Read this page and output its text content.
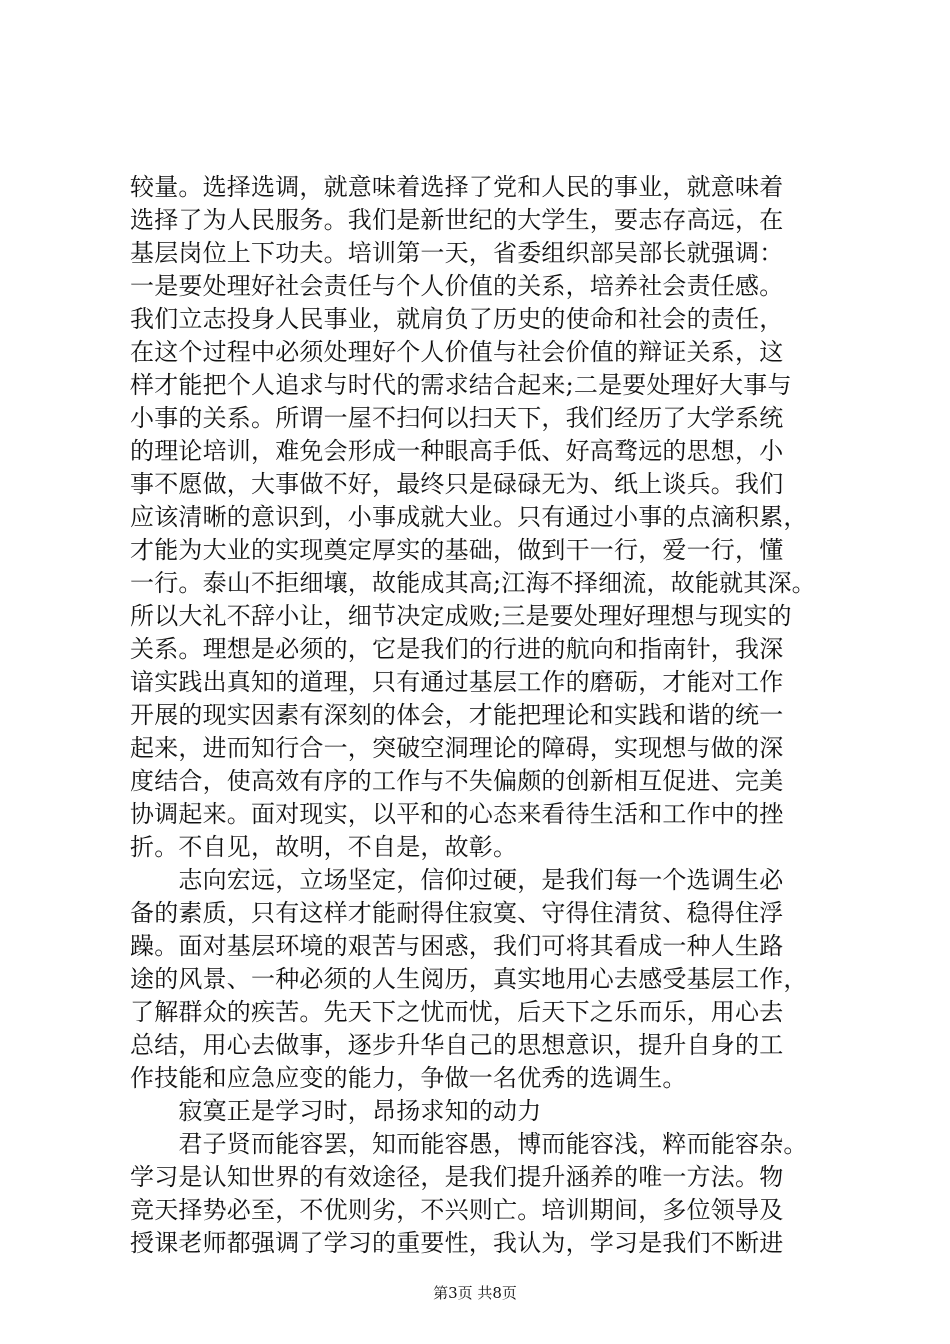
较量。选择选调，就意味着选择了党和人民的事业，就意味着
选择了为人民服务。我们是新世纪的大学生，要志存高远，在
基层岗位上下功夫。培训第一天，省委组织部吴部长就强调：
一是要处理好社会责任与个人价值的关系，培养社会责任感。
我们立志投身人民事业，就肩负了历史的使命和社会的责任，
在这个过程中必须处理好个人价值与社会价值的辩证关系，这
样才能把个人追求与时代的需求结合起来;二是要处理好大事与
小事的关系。所谓一屋不扫何以扫天下，我们经历了大学系统
的理论培训，难免会形成一种眼高手低、好高骛远的思想，小
事不愿做，大事做不好，最终只是碌碌无为、纸上谈兵。我们
应该清晰的意识到，小事成就大业。只有通过小事的点滴积累，
才能为大业的实现奠定厚实的基础，做到干一行，爱一行，懂
一行。泰山不拒细壤，故能成其高;江海不择细流，故能就其深。
所以大礼不辞小让，细节决定成败;三是要处理好理想与现实的
关系。理想是必须的，它是我们的行进的航向和指南针，我深
谙实践出真知的道理，只有通过基层工作的磨砺，才能对工作
开展的现实因素有深刻的体会，才能把理论和实践和谐的统一
起来，进而知行合一，突破空洞理论的障碍，实现想与做的深
度结合，使高效有序的工作与不失偏颇的创新相互促进、完美
协调起来。面对现实，以平和的心态来看待生活和工作中的挫
折。不自见，故明，不自是，故彰。
　　志向宏远，立场坚定，信仰过硬，是我们每一个选调生必
备的素质，只有这样才能耐得住寂寞、守得住清贫、稳得住浮
躁。面对基层环境的艰苦与困惑，我们可将其看成一种人生路
途的风景、一种必须的人生阅历，真实地用心去感受基层工作，
了解群众的疾苦。先天下之忧而忧，后天下之乐而乐，用心去
总结，用心去做事，逐步升华自己的思想意识，提升自身的工
作技能和应急应变的能力，争做一名优秀的选调生。
　　寂寞正是学习时，昂扬求知的动力
　　君子贤而能容罢，知而能容愚，博而能容浅，粹而能容杂。
学习是认知世界的有效途径，是我们提升涵养的唯一方法。物
竞天择势必至，不优则劣，不兴则亡。培训期间，多位领导及
授课老师都强调了学习的重要性，我认为，学习是我们不断进
第3页 共8页
